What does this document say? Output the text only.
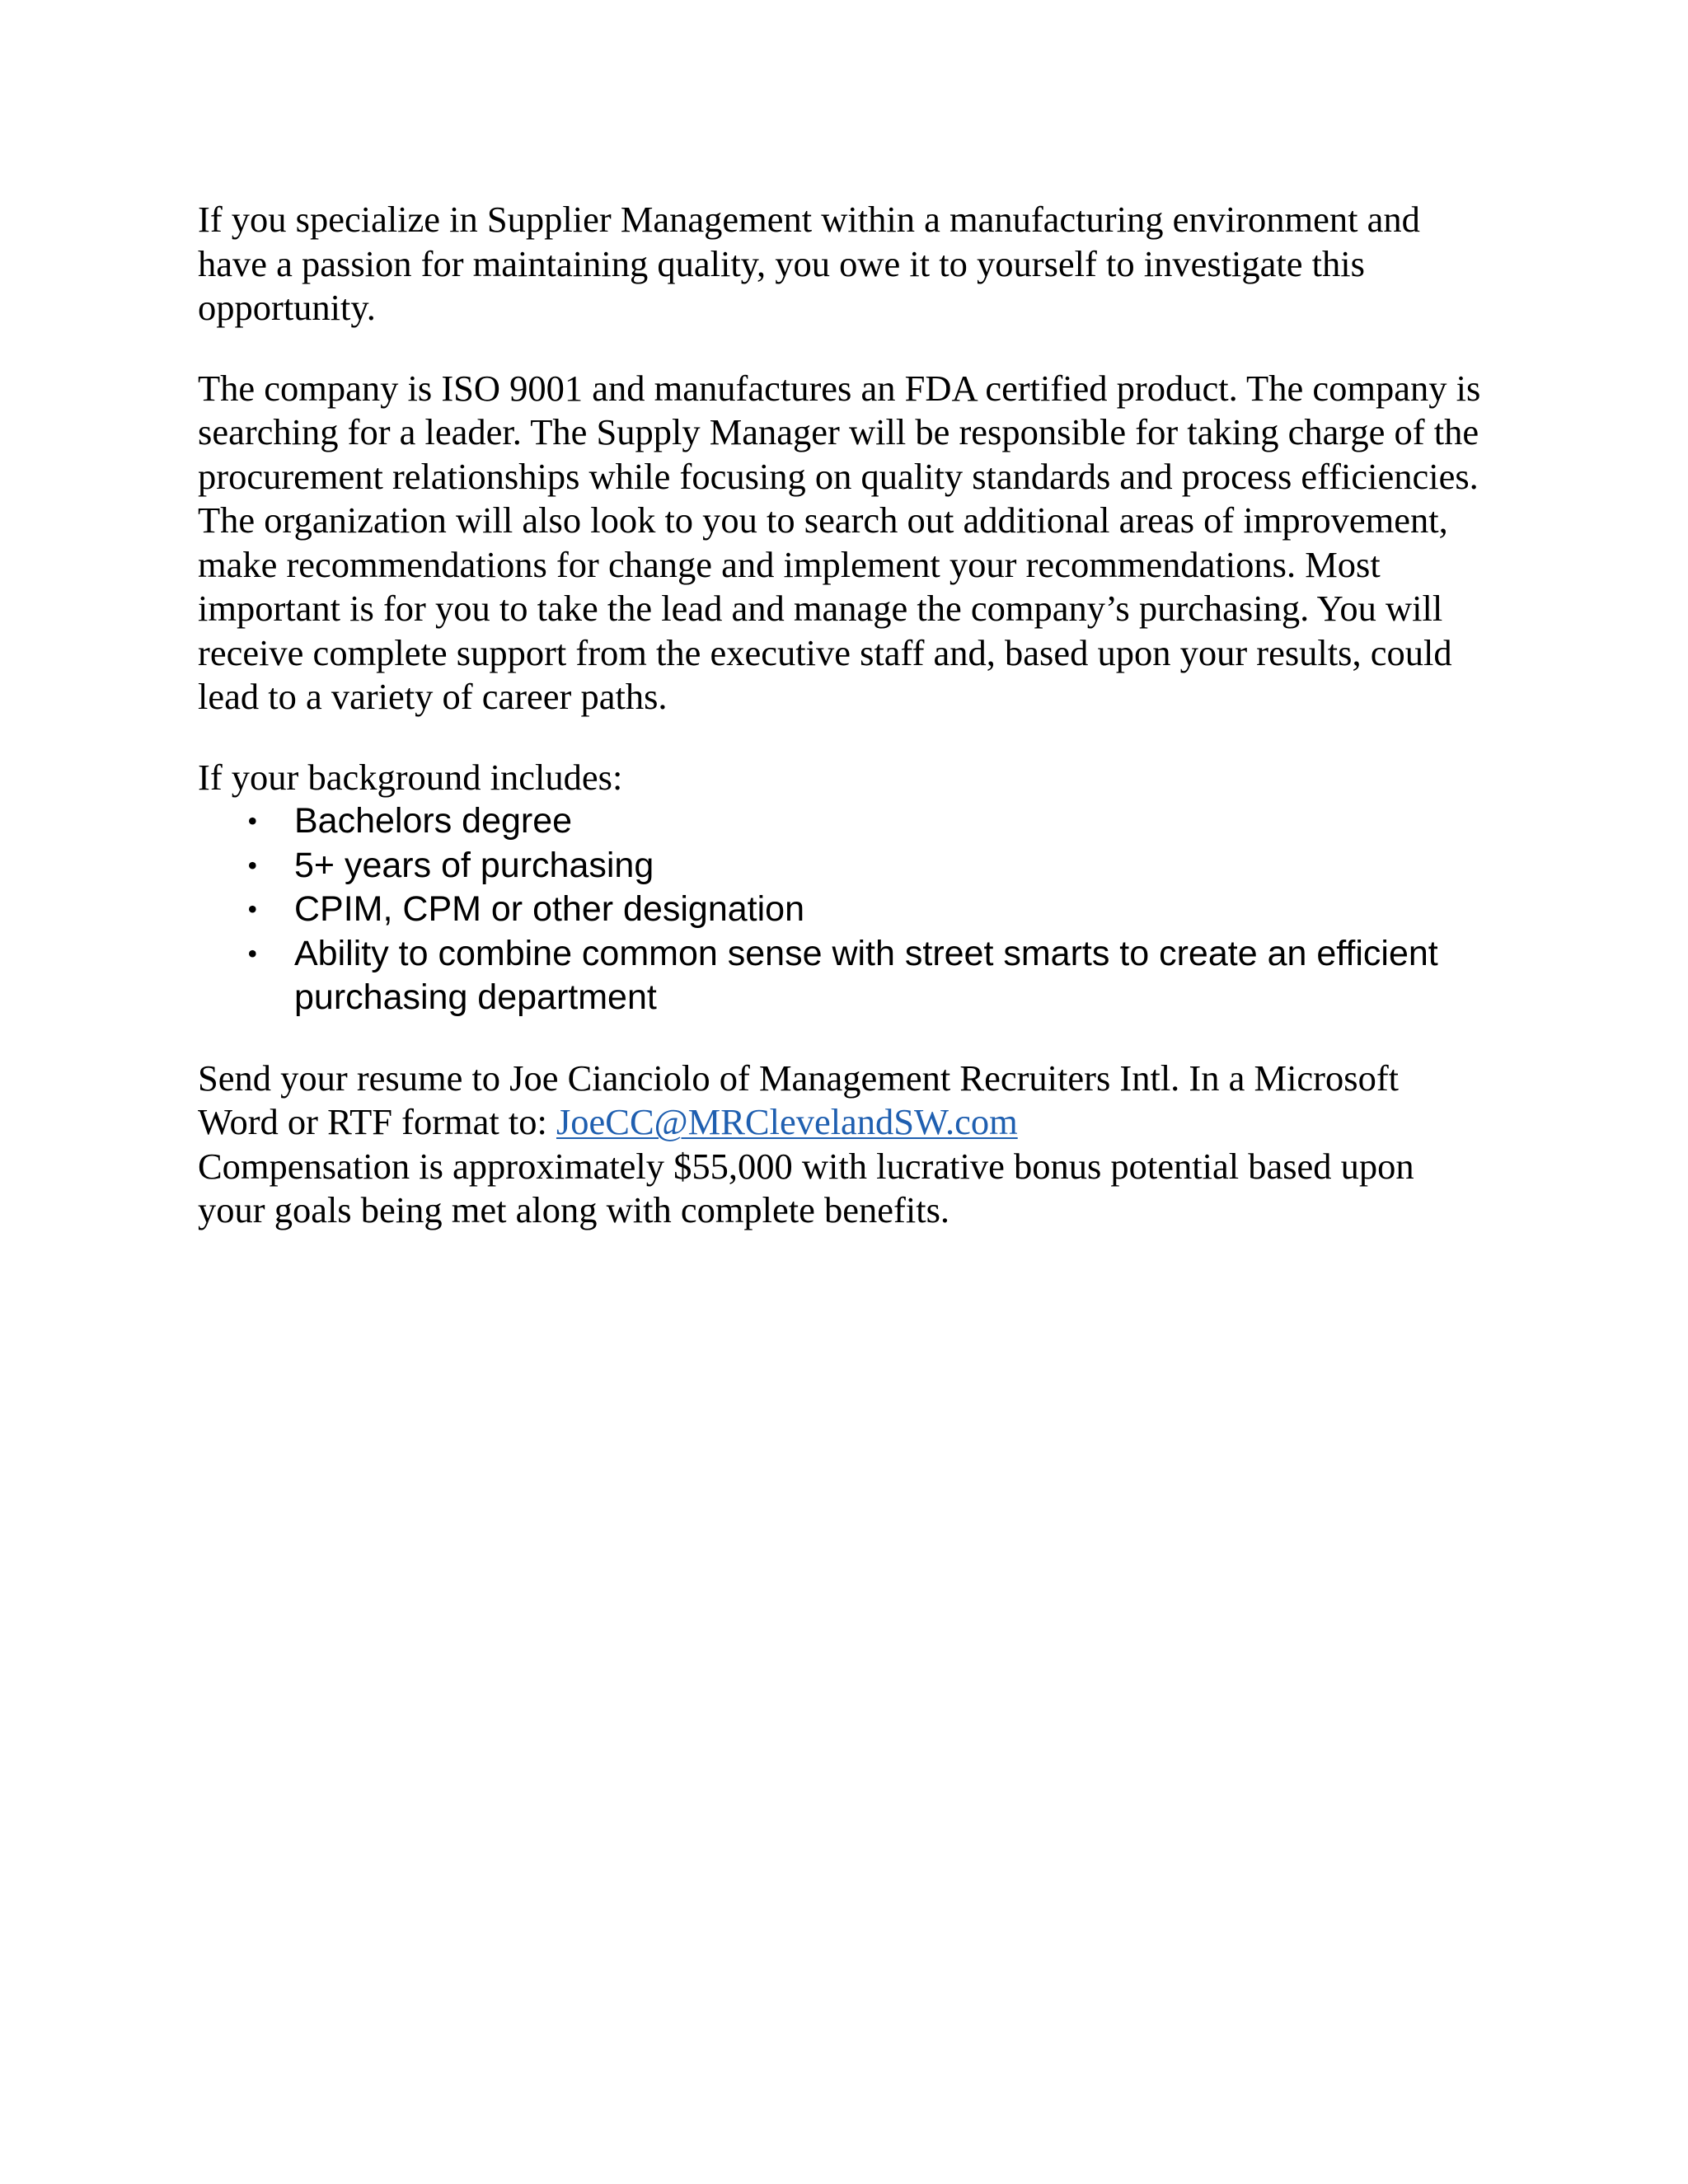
If you specialize in Supplier Management within a manufacturing environment and have a passion for maintaining quality, you owe it to yourself to investigate this opportunity.

The company is ISO 9001 and manufactures an FDA certified product. The company is searching for a leader. The Supply Manager will be responsible for taking charge of the procurement relationships while focusing on quality standards and process efficiencies.

The organization will also look to you to search out additional areas of improvement, make recommendations for change and implement your recommendations. Most important is for you to take the lead and manage the company’s purchasing. You will receive complete support from the executive staff and, based upon your results, could lead to a variety of career paths.

If your background includes:

• Bachelors degree
• 5+ years of purchasing
• CPIM, CPM or other designation
• Ability to combine common sense with street smarts to create an efficient purchasing department

Send your resume to Joe Cianciolo of Management Recruiters Intl. In a Microsoft Word or RTF format to: JoeCC@MRClevelandSW.com

Compensation is approximately $55,000 with lucrative bonus potential based upon your goals being met along with complete benefits.
